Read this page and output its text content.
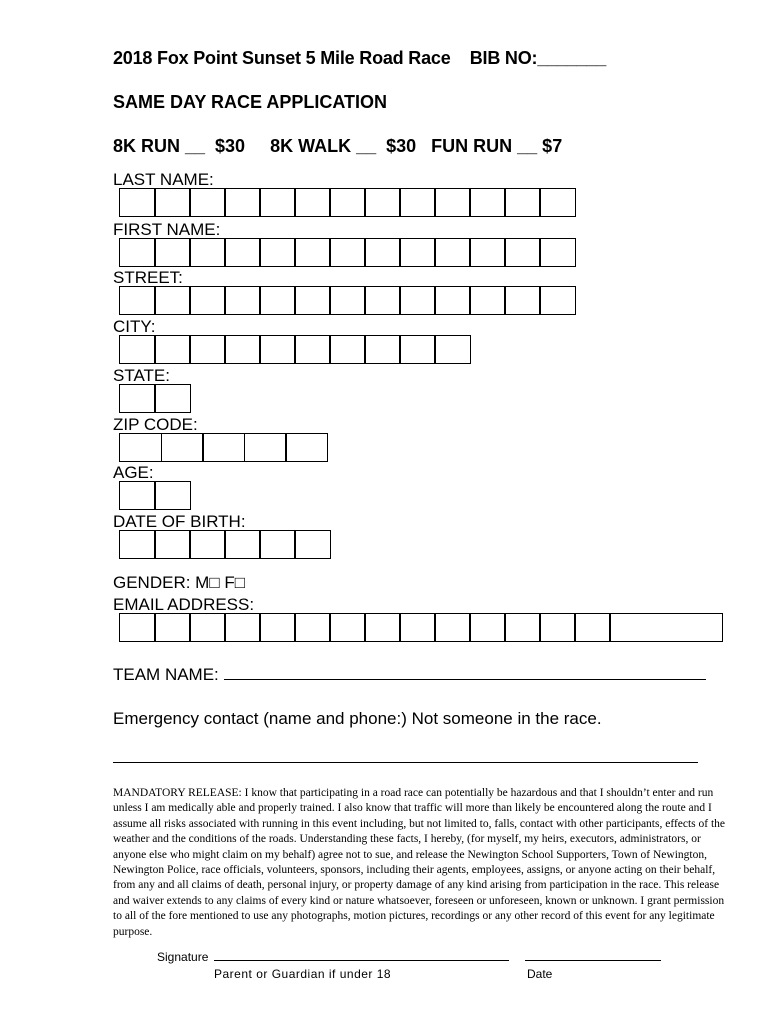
2018 Fox Point Sunset 5 Mile Road Race BIB NO:_______
SAME DAY RACE APPLICATION
8K RUN __  $30 8K WALK __  $30 FUN RUN __ $7
LAST NAME:
FIRST NAME:
STREET:
CITY:
STATE:
ZIP CODE:
AGE:
DATE OF BIRTH:
GENDER: M□ F□
EMAIL ADDRESS:
TEAM NAME:
Emergency contact (name and phone:) Not someone in the race.
MANDATORY RELEASE: I know that participating in a road race can potentially be hazardous and that I shouldn’t enter and run unless I am medically able and properly trained. I also know that traffic will more than likely be encountered along the route and I assume all risks associated with running in this event including, but not limited to, falls, contact with other participants, effects of the weather and the conditions of the roads. Understanding these facts, I hereby, (for myself, my heirs, executors, administrators, or anyone else who might claim on my behalf) agree not to sue, and release the Newington School Supporters, Town of Newington, Newington Police, race officials, volunteers, sponsors, including their agents, employees, assigns, or anyone acting on their behalf, from any and all claims of death, personal injury, or property damage of any kind arising from participation in the race. This release and waiver extends to any claims of every kind or nature whatsoever, foreseen or unforeseen, known or unknown. I grant permission to all of the fore mentioned to use any photographs, motion pictures, recordings or any other record of this event for any legitimate purpose.
Signature
Parent or Guardian if under 18	Date
